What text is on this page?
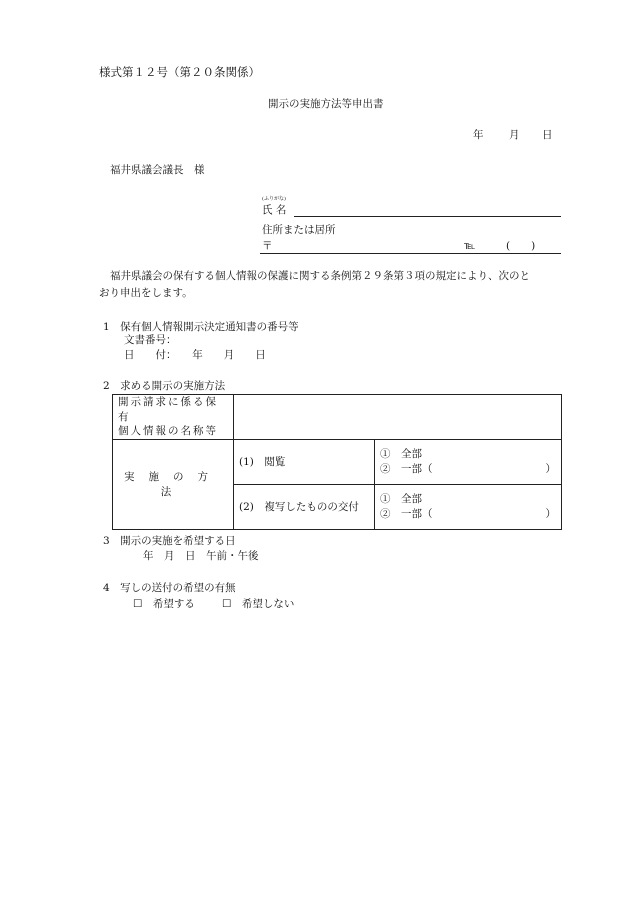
様式第１２号（第２０条関係）
開示の実施方法等申出書
年 月 日
福井県議会議長　様
(ふりがな)
氏 名
住所または居所
〒	℡	(　　)
福井県議会の保有する個人情報の保護に関する条例第２９条第３項の規定により、次のと
おり申出をします。
1　保有個人情報開示決定通知書の番号等
文書番号：
日　　付：　　年　　月　　日
2　求める開示の実施方法
開示請求に係る保有
個人情報の名称等		

実施の方法	(1)　閲覧	①　全部
②　一部（ ）

	(2)　複写したものの交付	①　全部
②　一部（ ）
3　開示の実施を希望する日
年　月　日　午前・午後
4　写しの送付の希望の有無
☐　希望する	☐　希望しない
